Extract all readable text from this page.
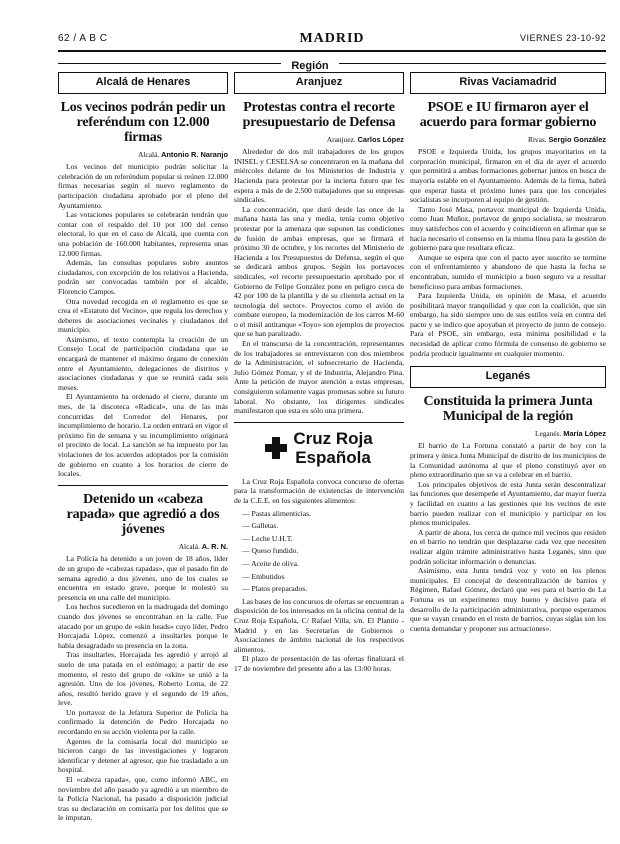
62 / A B C	MADRID	VIERNES 23-10-92
Región
Alcalá de Henares
Los vecinos podrán pedir un referéndum con 12.000 firmas
Alcalá. Antonio R. Naranjo
Los vecinos del municipio podrán solicitar la celebración de un referéndum popular si reúnen 12.000 firmas necesarias según el nuevo reglamento de participación ciudadana aprobado por el pleno del Ayuntamiento.
Las votaciones populares se celebrarán tendrán que contar con el respaldo del 10 por 100 del censo electoral, lo que en el caso de Alcalá, que cuenta con una población de 160.000 habitantes, representa unas 12.000 firmas.
Además, las consultas populares sobre asuntos ciudadanos, con excepción de los relativos a Hacienda, podrán ser convocadas también por el alcalde, Florencio Campos.
Otra novedad recogida en el reglamento es que se crea el «Estatuto del Vecino», que regula los derechos y deberes de asociaciones vecinales y ciudadanos del municipio.
Asimismo, el texto contempla la creación de un Consejo Local de participación ciudadana que se encargará de mantener el máximo órgano de conexión entre el Ayuntamiento, delegaciones de distritos y asociaciones ciudadanas y que se reunirá cada seis meses.
El Ayuntamiento ha ordenado el cierre, durante un mes, de la discoteca «Radical», una de las más concurridas del Corredor del Henares, por incumplimiento de horario. La orden entrará en vigor el próximo fin de semana y su incumplimiento originará el precinto de local. La sanción se ha impuesto por las violaciones de los acuerdos adoptados por la comisión de gobierno en cuanto a los horarios de cierre de locales.
Detenido un «cabeza rapada» que agredió a dos jóvenes
Alcalá. A. R. N.
La Policía ha detenido a un joven de 18 años, líder de un grupo de «cabezas rapadas», que el pasado fin de semana agredió a dos jóvenes, uno de los cuales se encuentra en estado grave, porque le molestó su presencia en una calle del municipio.
Los hechos sucedieron en la madrugada del domingo cuando dos jóvenes se encontraban en la calle. Fue atacado por un grupo de «skin heads» cuyo líder, Pedro Horcajada López, comenzó a insultarles porque le había desagradado su presencia en la zona.
Tras insultarles, Horcajada les agredió y arrojó al suelo de una patada en el estómago; a partir de ese momento, el resto del grupo de «skin» se unió a la agresión. Uno de los jóvenes, Roberto Loma, de 22 años, resultó herido grave y el segundo de 19 años, leve.
Un portavoz de la Jefatura Superior de Policía ha confirmado la detención de Pedro Horcajada no recordando en su acción violenta por la calle.
Agentes de la comisaría local del municipio se hicieron cargo de las investigaciones y lograron identificar y detener al agresor, que fue trasladado a un hospital.
El «cabeza rapada», que, como informó ABC, en noviembre del año pasado ya agredió a un miembro de la Policía Nacional, ha pasado a disposición judicial tras su declaración en comisaría por los delitos que se le imputan.
Aranjuez
Protestas contra el recorte presupuestario de Defensa
Aranjuez. Carlos López
Alrededor de dos mil trabajadores de los grupos INISEL y CESELSA se concentraron en la mañana del miércoles delante de los Ministerios de Industria y Hacienda para protestar por la incierta futuro que les espera a más de de 2.500 trabajadores que su empresas sindicales.
La concentración, que duró desde las once de la mañana hasta las una y media, tenía como objetivo protestar por la amenaza que suponen las condiciones de fusión de ambas empresas, que se firmará el próximo 30 de octubre, y los recortes del Ministerio de Hacienda a los Presupuestos de Defensa, según el que se dedicará ambos grupos. Según los portavoces sindicales, «el recorte presupuestario aprobado por el Gobierno de Felipe González pone en peligro cerca de 42 por 100 de la plantilla y de su clientela actual en la tecnología del sector». Proyectos como el avión de combate europeo, la modernización de los carros M-60 o el misil antitanque «Toyo» son ejemplos de proyectos que se han paralizado.
En el transcurso de la concentración, representantes de los trabajadores se entrevistaron con dos miembros de la Administración, el subsecretario de Hacienda, Julio Gómez Pomar, y el de Industria, Alejandro Pina. Ante la petición de mayor atención a estas empresas, consiguieron solamente vagas promesas sobre su futuro laboral. No obstante, los dirigentes sindicales manifestaron que esta es sólo una primera.
Cruz Roja
Española
La Cruz Roja Española convoca concurso de ofertas para la transformación de existencias de intervención de la C.E.E. en los siguientes alimentos:
— Pastas alimenticias.
— Galletas.
— Leche U.H.T.
— Queso fundido.
— Aceite de oliva.
— Embutidos
— Platos preparados.
Las bases de los concursos de ofertas se encuentran a disposición de los interesados en la oficina central de la Cruz Roja Española, C/ Rafael Villa, s/n. El Plantío - Madrid y en las Secretarías de Gobiernos o Asociaciones de ámbito nacional de los respectivos alimentos.
El plazo de presentación de las ofertas finalizará el 17 de noviembre del presente año a las 13:00 horas.
Rivas Vaciamadrid
PSOE e IU firmaron ayer el acuerdo para formar gobierno
Rivas. Sergio González
PSOE e Izquierda Unida, los grupos mayoritarios en la corporación municipal, firmaron en el día de ayer el acuerdo que permitirá a ambas formaciones gobernar juntos en busca de mayoría estable en el Ayuntamiento. Además de la firma, habrá que esperar hasta el próximo lunes para que los concejales socialistas se incorporen al equipo de gestión.
Tanto José Masa, portavoz municipal de Izquierda Unida, como Juan Muñoz, portavoz de grupo socialista, se mostraron muy satisfechos con el acuerdo y coincidieron en afirmar que se hacía necesario el consenso en la misma línea para la gestión de gobierno para que resultara eficaz.
Aunque se espera que con el pacto ayer suscrito se termine con el enfrentamiento y abandono de que hasta la fecha se encontraban, sumido el municipio a buen seguro va a resultar beneficioso para ambas formaciones.
Para Izquierda Unida, en opinión de Masa, el acuerdo posibilitará mayor tranquilidad y que con la coalición, que sin embargo, ha sido siempre uno de sus estilos veía en contra del pacto y se indico que apoyaban el proyecto de junto de consejo. Para el PSOE, sin embargo, esta mínima posibilidad e la necesidad de aplicar como fórmula de consenso de gobierno se podría producir igualmente en cualquier momento.
Leganés
Constituida la primera Junta Municipal de la región
Leganés. María López
El barrio de La Fortuna constató a partir de hoy con la primera y única Junta Municipal de distrito de los municipios de la Comunidad autónoma al que el pleno constituyó ayer en pleno extraordinario que se va a celebrar en el barrio.
Los principales objetivos de esta Junta serán descentralizar las funciones que desempeñe el Ayuntamiento, dar mayor fuerza y facilidad en cuanto a las gestiones que los vecinos de este barrio pueden realizar con el municipio y participar en los plenos municipales.
A partir de ahora, los cerca de quince mil vecinos que residen en el barrio no tendrán que desplazarse cada vez que necesiten realizar algún trámite administrativo hasta Leganés, sino que podrán solicitar información o denuncias.
Asimismo, esta Junta tendrá voz y voto en los plenos municipales. El concejal de descentralización de barrios y Régimen, Rafael Gómez, declaró que «es para el barrio de La Fortuna es un experimento muy bueno y decisivo para el desarrollo de la participación administrativa, porque esperamos que se vayan creando en el resto de barrios, cuyas siglas son los cuenta demandar y proponer sus actuaciones».
